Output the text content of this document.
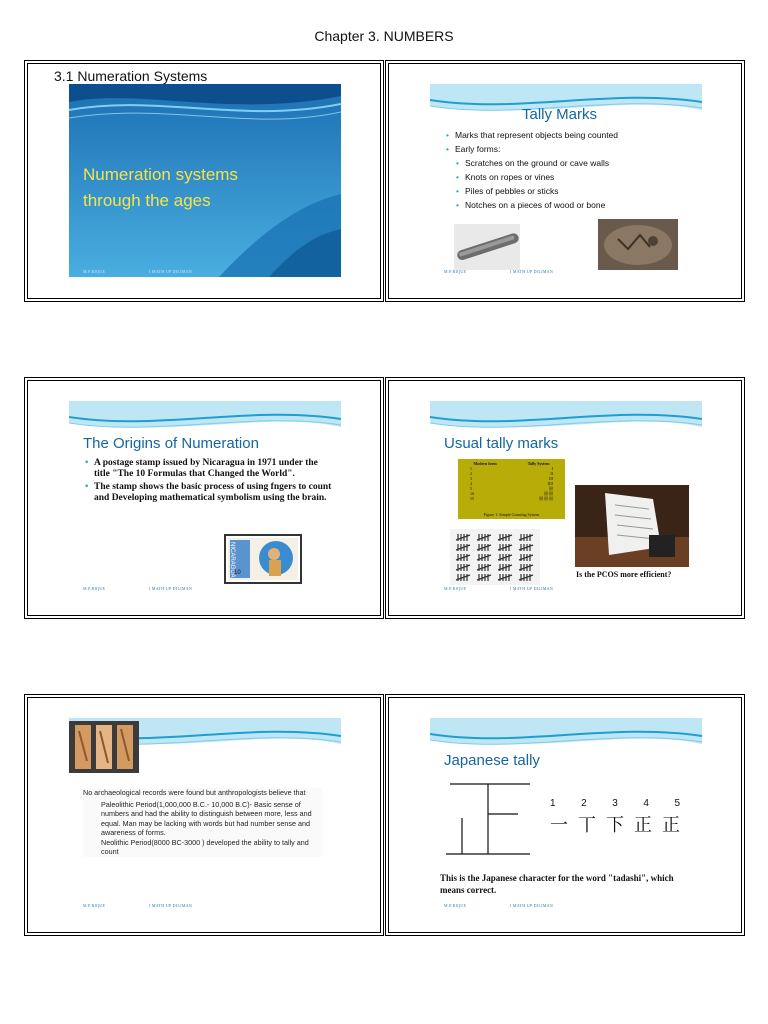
Chapter 3. NUMBERS
3.1 Numeration Systems
Numeration systems
through the ages
M.P.RIQUE	I MATH UP DILIMAN
Tally Marks
• Marks that represent objects being counted
• Early forms:
• Scratches on the ground or cave walls
• Knots on ropes or vines
• Piles of pebbles or sticks
• Notches on a pieces of wood or bone
M.P.RIQUE	I MATH UP DILIMAN
The Origins of Numeration
• A postage stamp issued by Nicaragua in 1971 under the title "The 10 Formulas that Changed the World".
• The stamp shows the basic process of using fngers to count and Developing mathematical symbolism using the brain.
NICARAGUA 10
M.P.RIQUE	I MATH UP DILIMAN
Usual tally marks
Modern form	Tally System
1	I
2	II
3	III
4	IIII
5	卌
10	卌 卌
15	卌 卌 卌
Figure 1: Simple Counting System
Is the PCOS more efficient?
M.P.RIQUE	I MATH UP DILIMAN
No archaeological records were found but anthropologists believe that
Paleolithic Period(1,000,000 B.C.- 10,000 B.C)- Basic sense of numbers and had the ability to distinguish between more, less and equal. Man may be lacking with words but had number sense and awareness of forms.
Neolithic Period(8000 BC-3000 ) developed the ability to tally and count
M.P.RIQUE	I MATH UP DILIMAN
Japanese tally
1	2	3	4	5
一 丅 下 正 正
This is the Japanese character for the word "tadashi", which means correct.
M.P.RIQUE	I MATH UP DILIMAN
